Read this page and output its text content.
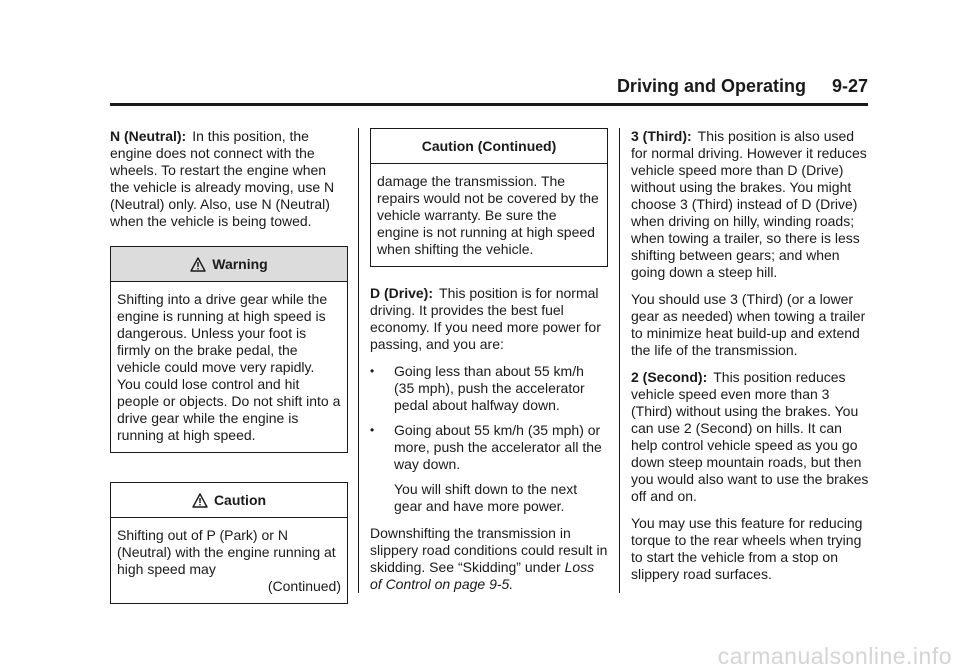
Driving and Operating 9-27

N (Neutral): In this position, the engine does not connect with the wheels. To restart the engine when the vehicle is already moving, use N (Neutral) only. Also, use N (Neutral) when the vehicle is being towed.

Warning
Shifting into a drive gear while the engine is running at high speed is dangerous. Unless your foot is firmly on the brake pedal, the vehicle could move very rapidly. You could lose control and hit people or objects. Do not shift into a drive gear while the engine is running at high speed.
Caution
Shifting out of P (Park) or N (Neutral) with the engine running at high speed may
(Continued)
Caution (Continued)
damage the transmission. The repairs would not be covered by the vehicle warranty. Be sure the engine is not running at high speed when shifting the vehicle.

D (Drive): This position is for normal driving. It provides the best fuel economy. If you need more power for passing, and you are:

• Going less than about 55 km/h (35 mph), push the accelerator pedal about halfway down.
• Going about 55 km/h (35 mph) or more, push the accelerator all the way down.

You will shift down to the next gear and have more power.

Downshifting the transmission in slippery road conditions could result in skidding. See “Skidding” under Loss of Control on page 9-5.

3 (Third): This position is also used for normal driving. However it reduces vehicle speed more than D (Drive) without using the brakes. You might choose 3 (Third) instead of D (Drive) when driving on hilly, winding roads; when towing a trailer, so there is less shifting between gears; and when going down a steep hill.

You should use 3 (Third) (or a lower gear as needed) when towing a trailer to minimize heat build-up and extend the life of the transmission.

2 (Second): This position reduces vehicle speed even more than 3 (Third) without using the brakes. You can use 2 (Second) on hills. It can help control vehicle speed as you go down steep mountain roads, but then you would also want to use the brakes off and on.

You may use this feature for reducing torque to the rear wheels when trying to start the vehicle from a stop on slippery road surfaces.

carmanualsonline.info
